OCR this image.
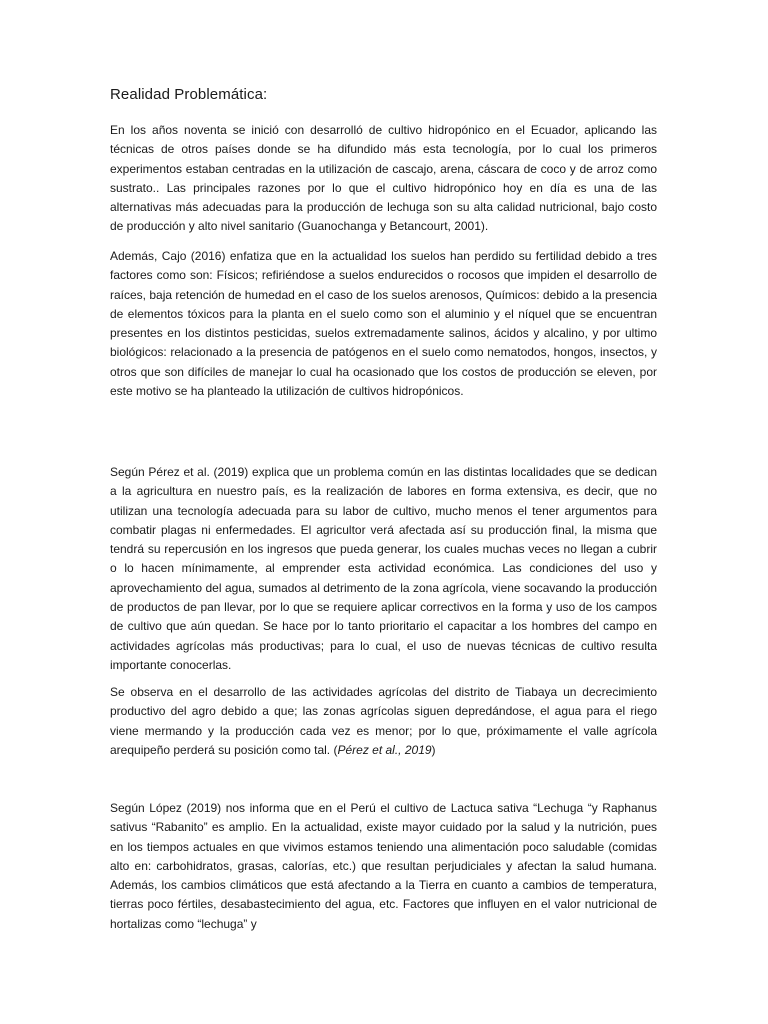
Realidad Problemática:

En los años noventa se inició con desarrolló de cultivo hidropónico en el Ecuador, aplicando las técnicas de otros países donde se ha difundido más esta tecnología, por lo cual los primeros experimentos estaban centradas en la utilización de cascajo, arena, cáscara de coco y de arroz como sustrato.. Las principales razones por lo que el cultivo hidropónico hoy en día es una de las alternativas más adecuadas para la producción de lechuga son su alta calidad nutricional, bajo costo de producción y alto nivel sanitario (Guanochanga y Betancourt, 2001).

Además, Cajo (2016) enfatiza que en la actualidad los suelos han perdido su fertilidad debido a tres factores como son: Físicos; refiriéndose a suelos endurecidos o rocosos que impiden el desarrollo de raíces, baja retención de humedad en el caso de los suelos arenosos, Químicos: debido a la presencia de elementos tóxicos para la planta en el suelo como son el aluminio y el níquel que se encuentran presentes en los distintos pesticidas, suelos extremadamente salinos, ácidos y alcalino, y por ultimo biológicos: relacionado a la presencia de patógenos en el suelo como nematodos, hongos, insectos, y otros que son difíciles de manejar lo cual ha ocasionado que los costos de producción se eleven, por este motivo se ha planteado la utilización de cultivos hidropónicos.

Según Pérez et al. (2019) explica que un problema común en las distintas localidades que se dedican a la agricultura en nuestro país, es la realización de labores en forma extensiva, es decir, que no utilizan una tecnología adecuada para su labor de cultivo, mucho menos el tener argumentos para combatir plagas ni enfermedades. El agricultor verá afectada así su producción final, la misma que tendrá su repercusión en los ingresos que pueda generar, los cuales muchas veces no llegan a cubrir o lo hacen mínimamente, al emprender esta actividad económica. Las condiciones del uso y aprovechamiento del agua, sumados al detrimento de la zona agrícola, viene socavando la producción de productos de pan llevar, por lo que se requiere aplicar correctivos en la forma y uso de los campos de cultivo que aún quedan. Se hace por lo tanto prioritario el capacitar a los hombres del campo en actividades agrícolas más productivas; para lo cual, el uso de nuevas técnicas de cultivo resulta importante conocerlas.

Se observa en el desarrollo de las actividades agrícolas del distrito de Tiabaya un decrecimiento productivo del agro debido a que; las zonas agrícolas siguen depredándose, el agua para el riego viene mermando y la producción cada vez es menor; por lo que, próximamente el valle agrícola arequipeño perderá su posición como tal. (Pérez et al., 2019)

Según López (2019) nos informa que en el Perú el cultivo de Lactuca sativa “Lechuga “y Raphanus sativus “Rabanito” es amplio. En la actualidad, existe mayor cuidado por la salud y la nutrición, pues en los tiempos actuales en que vivimos estamos teniendo una alimentación poco saludable (comidas alto en: carbohidratos, grasas, calorías, etc.) que resultan perjudiciales y afectan la salud humana. Además, los cambios climáticos que está afectando a la Tierra en cuanto a cambios de temperatura, tierras poco fértiles, desabastecimiento del agua, etc. Factores que influyen en el valor nutricional de hortalizas como “lechuga” y
